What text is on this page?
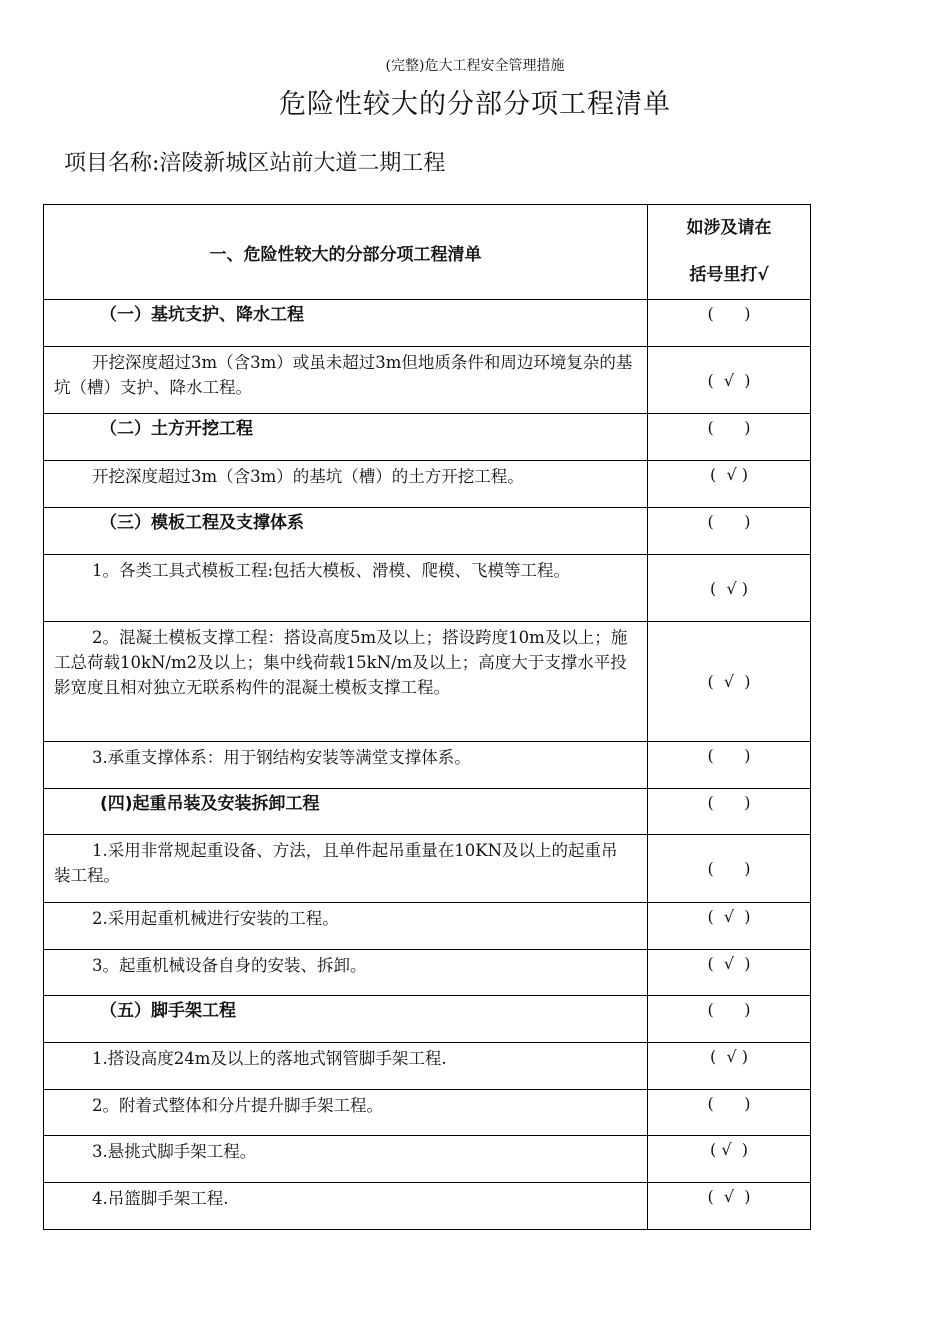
(完整)危大工程安全管理措施
危险性较大的分部分项工程清单
项目名称:涪陵新城区站前大道二期工程
一、危险性较大的分部分项工程清单	如涉及请在
括号里打√

（一）基坑支护、降水工程	(      )
开挖深度超过3m（含3m）或虽未超过3m但地质条件和周边环境复杂的基坑（槽）支护、降水工程。	(  √  )
（二）土方开挖工程	(      )
开挖深度超过3m（含3m）的基坑（槽）的土方开挖工程。	(  √ )
（三）模板工程及支撑体系	(      )
1。各类工具式模板工程:包括大模板、滑模、爬模、飞模等工程。	(  √ )
2。混凝土模板支撑工程：搭设高度5m及以上；搭设跨度10m及以上；施工总荷载10kN/m2及以上；集中线荷载15kN/m及以上；高度大于支撑水平投影宽度且相对独立无联系构件的混凝土模板支撑工程。	(  √  )
3.承重支撑体系：用于钢结构安装等满堂支撑体系。	(      )
(四)起重吊装及安装拆卸工程	(      )
1.采用非常规起重设备、方法，且单件起吊重量在10KN及以上的起重吊装工程。	(      )
2.采用起重机械进行安装的工程。	(  √  )
3。起重机械设备自身的安装、拆卸。	(  √  )
（五）脚手架工程	(      )
1.搭设高度24m及以上的落地式钢管脚手架工程.	(  √ )
2。附着式整体和分片提升脚手架工程。	(      )
3.悬挑式脚手架工程。	( √  )
4.吊篮脚手架工程.	(  √  )
